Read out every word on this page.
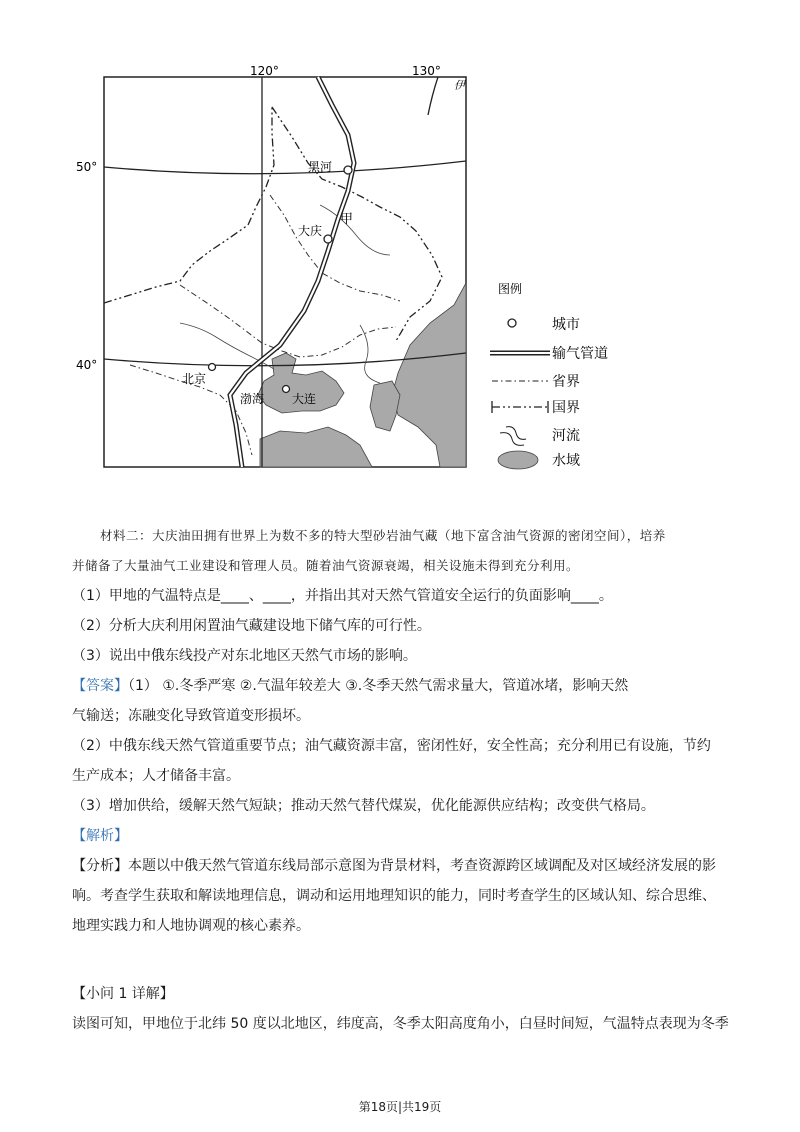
120°	130°
50°
40°
伊
黑河
甲
大庆
北京
渤海 大连
图例
城市
输气管道
省界
国界
河流
水域
材料二：大庆油田拥有世界上为数不多的特大型砂岩油气藏（地下富含油气资源的密闭空间），培养
并储备了大量油气工业建设和管理人员。随着油气资源衰竭，相关设施未得到充分利用。
（1）甲地的气温特点是____、____，并指出其对天然气管道安全运行的负面影响____。
（2）分析大庆利用闲置油气藏建设地下储气库的可行性。
（3）说出中俄东线投产对东北地区天然气市场的影响。
【答案】（1） ①.冬季严寒 ②.气温年较差大 ③.冬季天然气需求量大，管道冰堵，影响天然
气输送；冻融变化导致管道变形损坏。
（2）中俄东线天然气管道重要节点；油气藏资源丰富，密闭性好，安全性高；充分利用已有设施，节约
生产成本；人才储备丰富。
（3）增加供给，缓解天然气短缺；推动天然气替代煤炭，优化能源供应结构；改变供气格局。
【解析】
【分析】本题以中俄天然气管道东线局部示意图为背景材料，考查资源跨区域调配及对区域经济发展的影
响。考查学生获取和解读地理信息，调动和运用地理知识的能力，同时考查学生的区域认知、综合思维、
地理实践力和人地协调观的核心素养。
【小问 1 详解】
读图可知，甲地位于北纬 50 度以北地区，纬度高，冬季太阳高度角小，白昼时间短，气温特点表现为冬季
第18页|共19页
